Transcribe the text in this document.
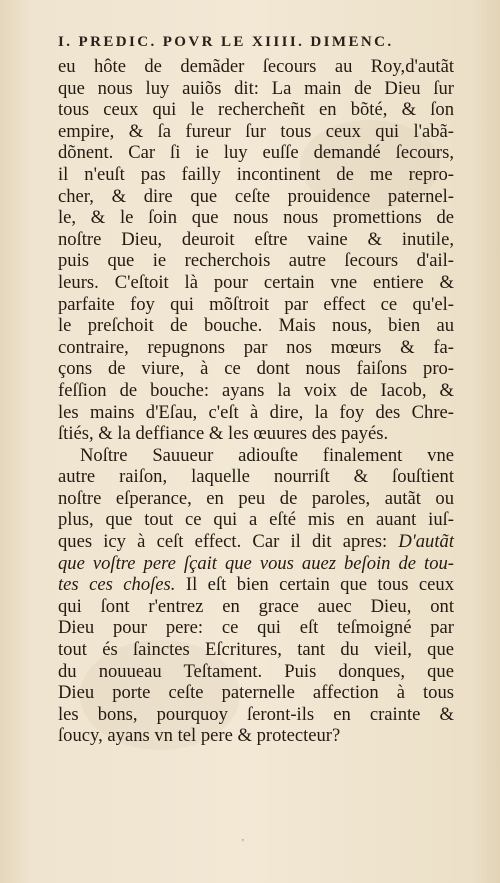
I. PREDIC. POVR LE XIIII. DIMENC.
eu hôte de demãder ſecours au Roy,d'autãt
que nous luy auiõs dit: La main de Dieu ſur
tous ceux qui le rechercheñt en bõté, & ſon
empire, & ſa fureur ſur tous ceux qui l'abã-
dõnent. Car ſi ie luy euſſe demandé ſecours,
il n'euſt pas failly incontinent de me repro-
cher, & dire que ceſte prouidence paternel-
le, & le ſoin que nous nous promettions de
noſtre Dieu, deuroit eſtre vaine & inutile,
puis que ie recherchois autre ſecours d'ail-
leurs. C'eſtoit là pour certain vne entiere &
parfaite foy qui mõſtroit par effect ce qu'el-
le preſchoit de bouche. Mais nous, bien au
contraire, repugnons par nos mœurs & fa-
çons de viure, à ce dont nous faiſons pro-
feſſion de bouche: ayans la voix de Iacob, &
les mains d'Eſau, c'eſt à dire, la foy des Chre-
ſtiés, & la deffiance & les œuures des payés.
Noſtre Sauueur adiouſte finalement vne
autre raiſon, laquelle nourriſt & ſouſtient
noſtre eſperance, en peu de paroles, autãt ou
plus, que tout ce qui a eſté mis en auant iuſ-
ques icy à ceſt effect. Car il dit apres: D'autãt
que voſtre pere ſçait que vous auez beſoin de tou-
tes ces choſes. Il eſt bien certain que tous ceux
qui ſont r'entrez en grace auec Dieu, ont
Dieu pour pere: ce qui eſt teſmoigné par
tout és ſainctes Eſcritures, tant du vieil, que
du nouueau Teſtament. Puis donques, que
Dieu porte ceſte paternelle affection à tous
les bons, pourquoy ſeront-ils en crainte &
ſoucy, ayans vn tel pere & protecteur?
'
